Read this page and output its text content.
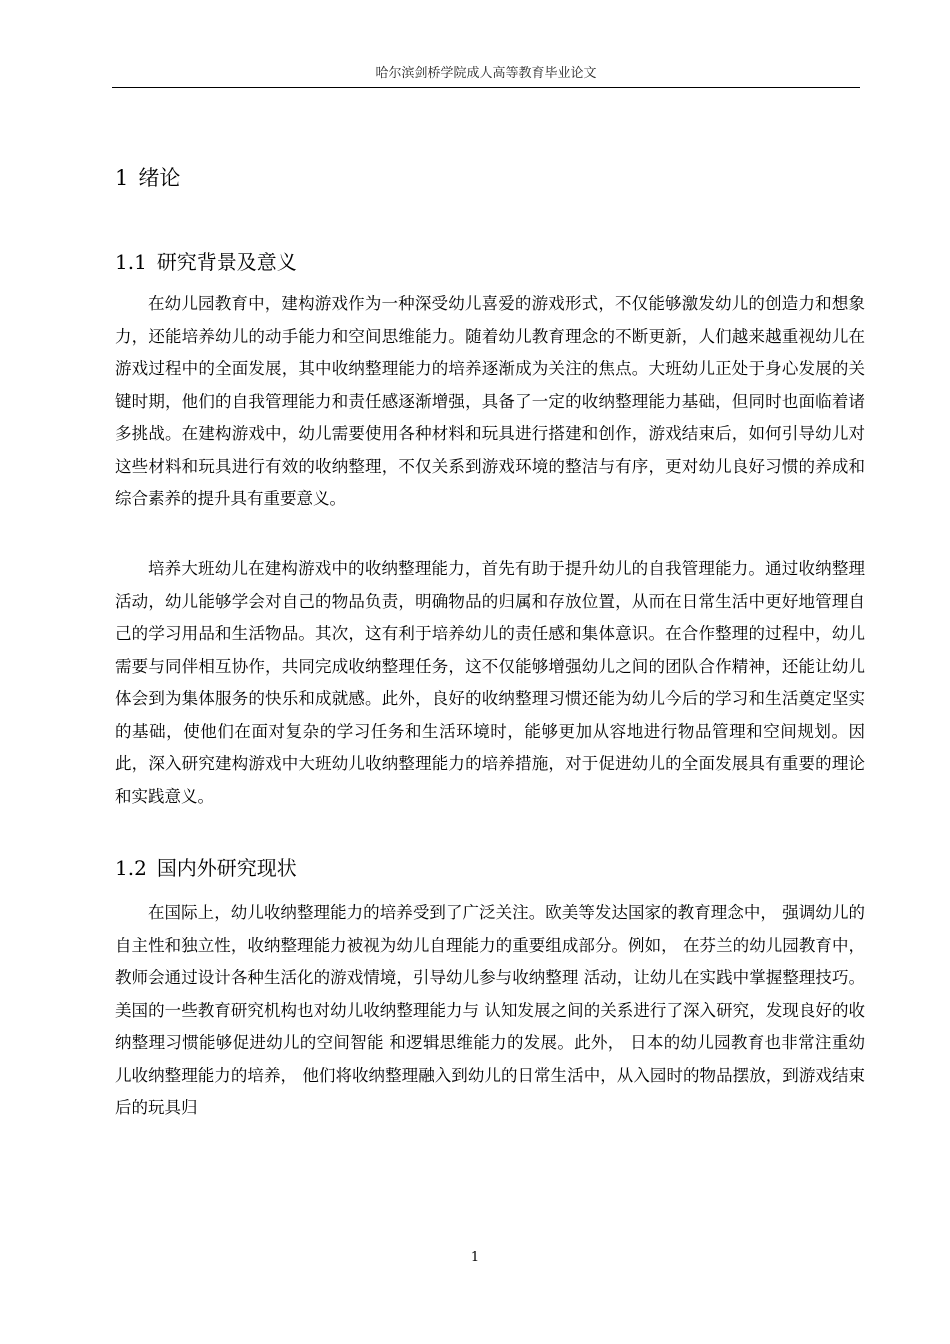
哈尔滨剑桥学院成人高等教育毕业论文
1 绪论
1.1 研究背景及意义

在幼儿园教育中，建构游戏作为一种深受幼儿喜爱的游戏形式，不仅能够激发幼儿的创造力和想象力，还能培养幼儿的动手能力和空间思维能力。随着幼儿教育理念的不断更新，人们越来越重视幼儿在游戏过程中的全面发展，其中收纳整理能力的培养逐渐成为关注的焦点。大班幼儿正处于身心发展的关键时期，他们的自我管理能力和责任感逐渐增强，具备了一定的收纳整理能力基础，但同时也面临着诸多挑战。在建构游戏中，幼儿需要使用各种材料和玩具进行搭建和创作，游戏结束后，如何引导幼儿对这些材料和玩具进行有效的收纳整理，不仅关系到游戏环境的整洁与有序，更对幼儿良好习惯的养成和综合素养的提升具有重要意义。

培养大班幼儿在建构游戏中的收纳整理能力，首先有助于提升幼儿的自我管理能力。通过收纳整理活动，幼儿能够学会对自己的物品负责，明确物品的归属和存放位置，从而在日常生活中更好地管理自己的学习用品和生活物品。其次，这有利于培养幼儿的责任感和集体意识。在合作整理的过程中，幼儿需要与同伴相互协作，共同完成收纳整理任务，这不仅能够增强幼儿之间的团队合作精神，还能让幼儿体会到为集体服务的快乐和成就感。此外，良好的收纳整理习惯还能为幼儿今后的学习和生活奠定坚实的基础，使他们在面对复杂的学习任务和生活环境时，能够更加从容地进行物品管理和空间规划。因此，深入研究建构游戏中大班幼儿收纳整理能力的培养措施，对于促进幼儿的全面发展具有重要的理论和实践意义。

1.2 国内外研究现状

在国际上，幼儿收纳整理能力的培养受到了广泛关注。欧美等发达国家的教育理念中， 强调幼儿的自主性和独立性，收纳整理能力被视为幼儿自理能力的重要组成部分。例如， 在芬兰的幼儿园教育中，教师会通过设计各种生活化的游戏情境，引导幼儿参与收纳整理 活动，让幼儿在实践中掌握整理技巧。美国的一些教育研究机构也对幼儿收纳整理能力与 认知发展之间的关系进行了深入研究，发现良好的收纳整理习惯能够促进幼儿的空间智能 和逻辑思维能力的发展。此外， 日本的幼儿园教育也非常注重幼儿收纳整理能力的培养， 他们将收纳整理融入到幼儿的日常生活中，从入园时的物品摆放，到游戏结束后的玩具归

1
